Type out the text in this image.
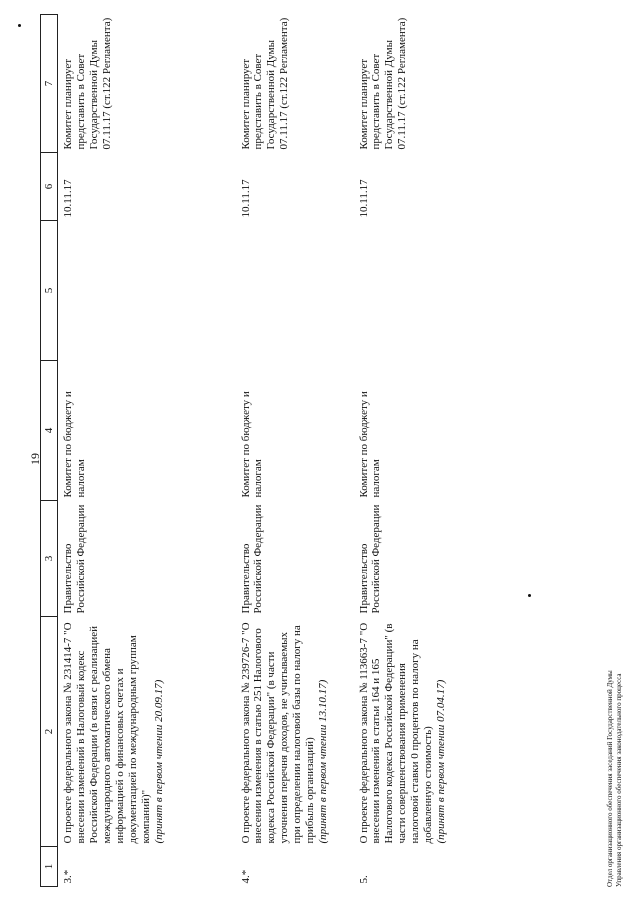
19
1	2	3	4	5	6	7
3.*	О проекте федерального закона № 231414-7 "О внесении изменений в Налоговый кодекс Российской Федерации (в связи с реализацией международного автоматического обмена информацией о финансовых счетах и документацией по международным группам компаний)" (принят в первом чтении 20.09.17)	Правительство Российской Федерации	Комитет по бюджету и налогам		10.11.17	Комитет планирует представить в Совет Государственной Думы 07.11.17 (ст.122 Регламента)
4.*	О проекте федерального закона № 239726-7 "О внесении изменения в статью 251 Налогового кодекса Российской Федерации" (в части уточнения перечня доходов, не учитываемых при определении налоговой базы по налогу на прибыль организаций) (принят в первом чтении 13.10.17)	Правительство Российской Федерации	Комитет по бюджету и налогам		10.11.17	Комитет планирует представить в Совет Государственной Думы 07.11.17 (ст.122 Регламента)
5.	О проекте федерального закона № 113663-7 "О внесении изменений в статьи 164 и 165 Налогового кодекса Российской Федерации" (в части совершенствования применения налоговой ставки 0 процентов по налогу на добавленную стоимость) (принят в первом чтении 07.04.17)	Правительство Российской Федерации	Комитет по бюджету и налогам		10.11.17	Комитет планирует представить в Совет Государственной Думы 07.11.17 (ст.122 Регламента)
Отдел организационного обеспечения заседаний Государственной Думы Управления организационного обеспечения законодательного процесса
